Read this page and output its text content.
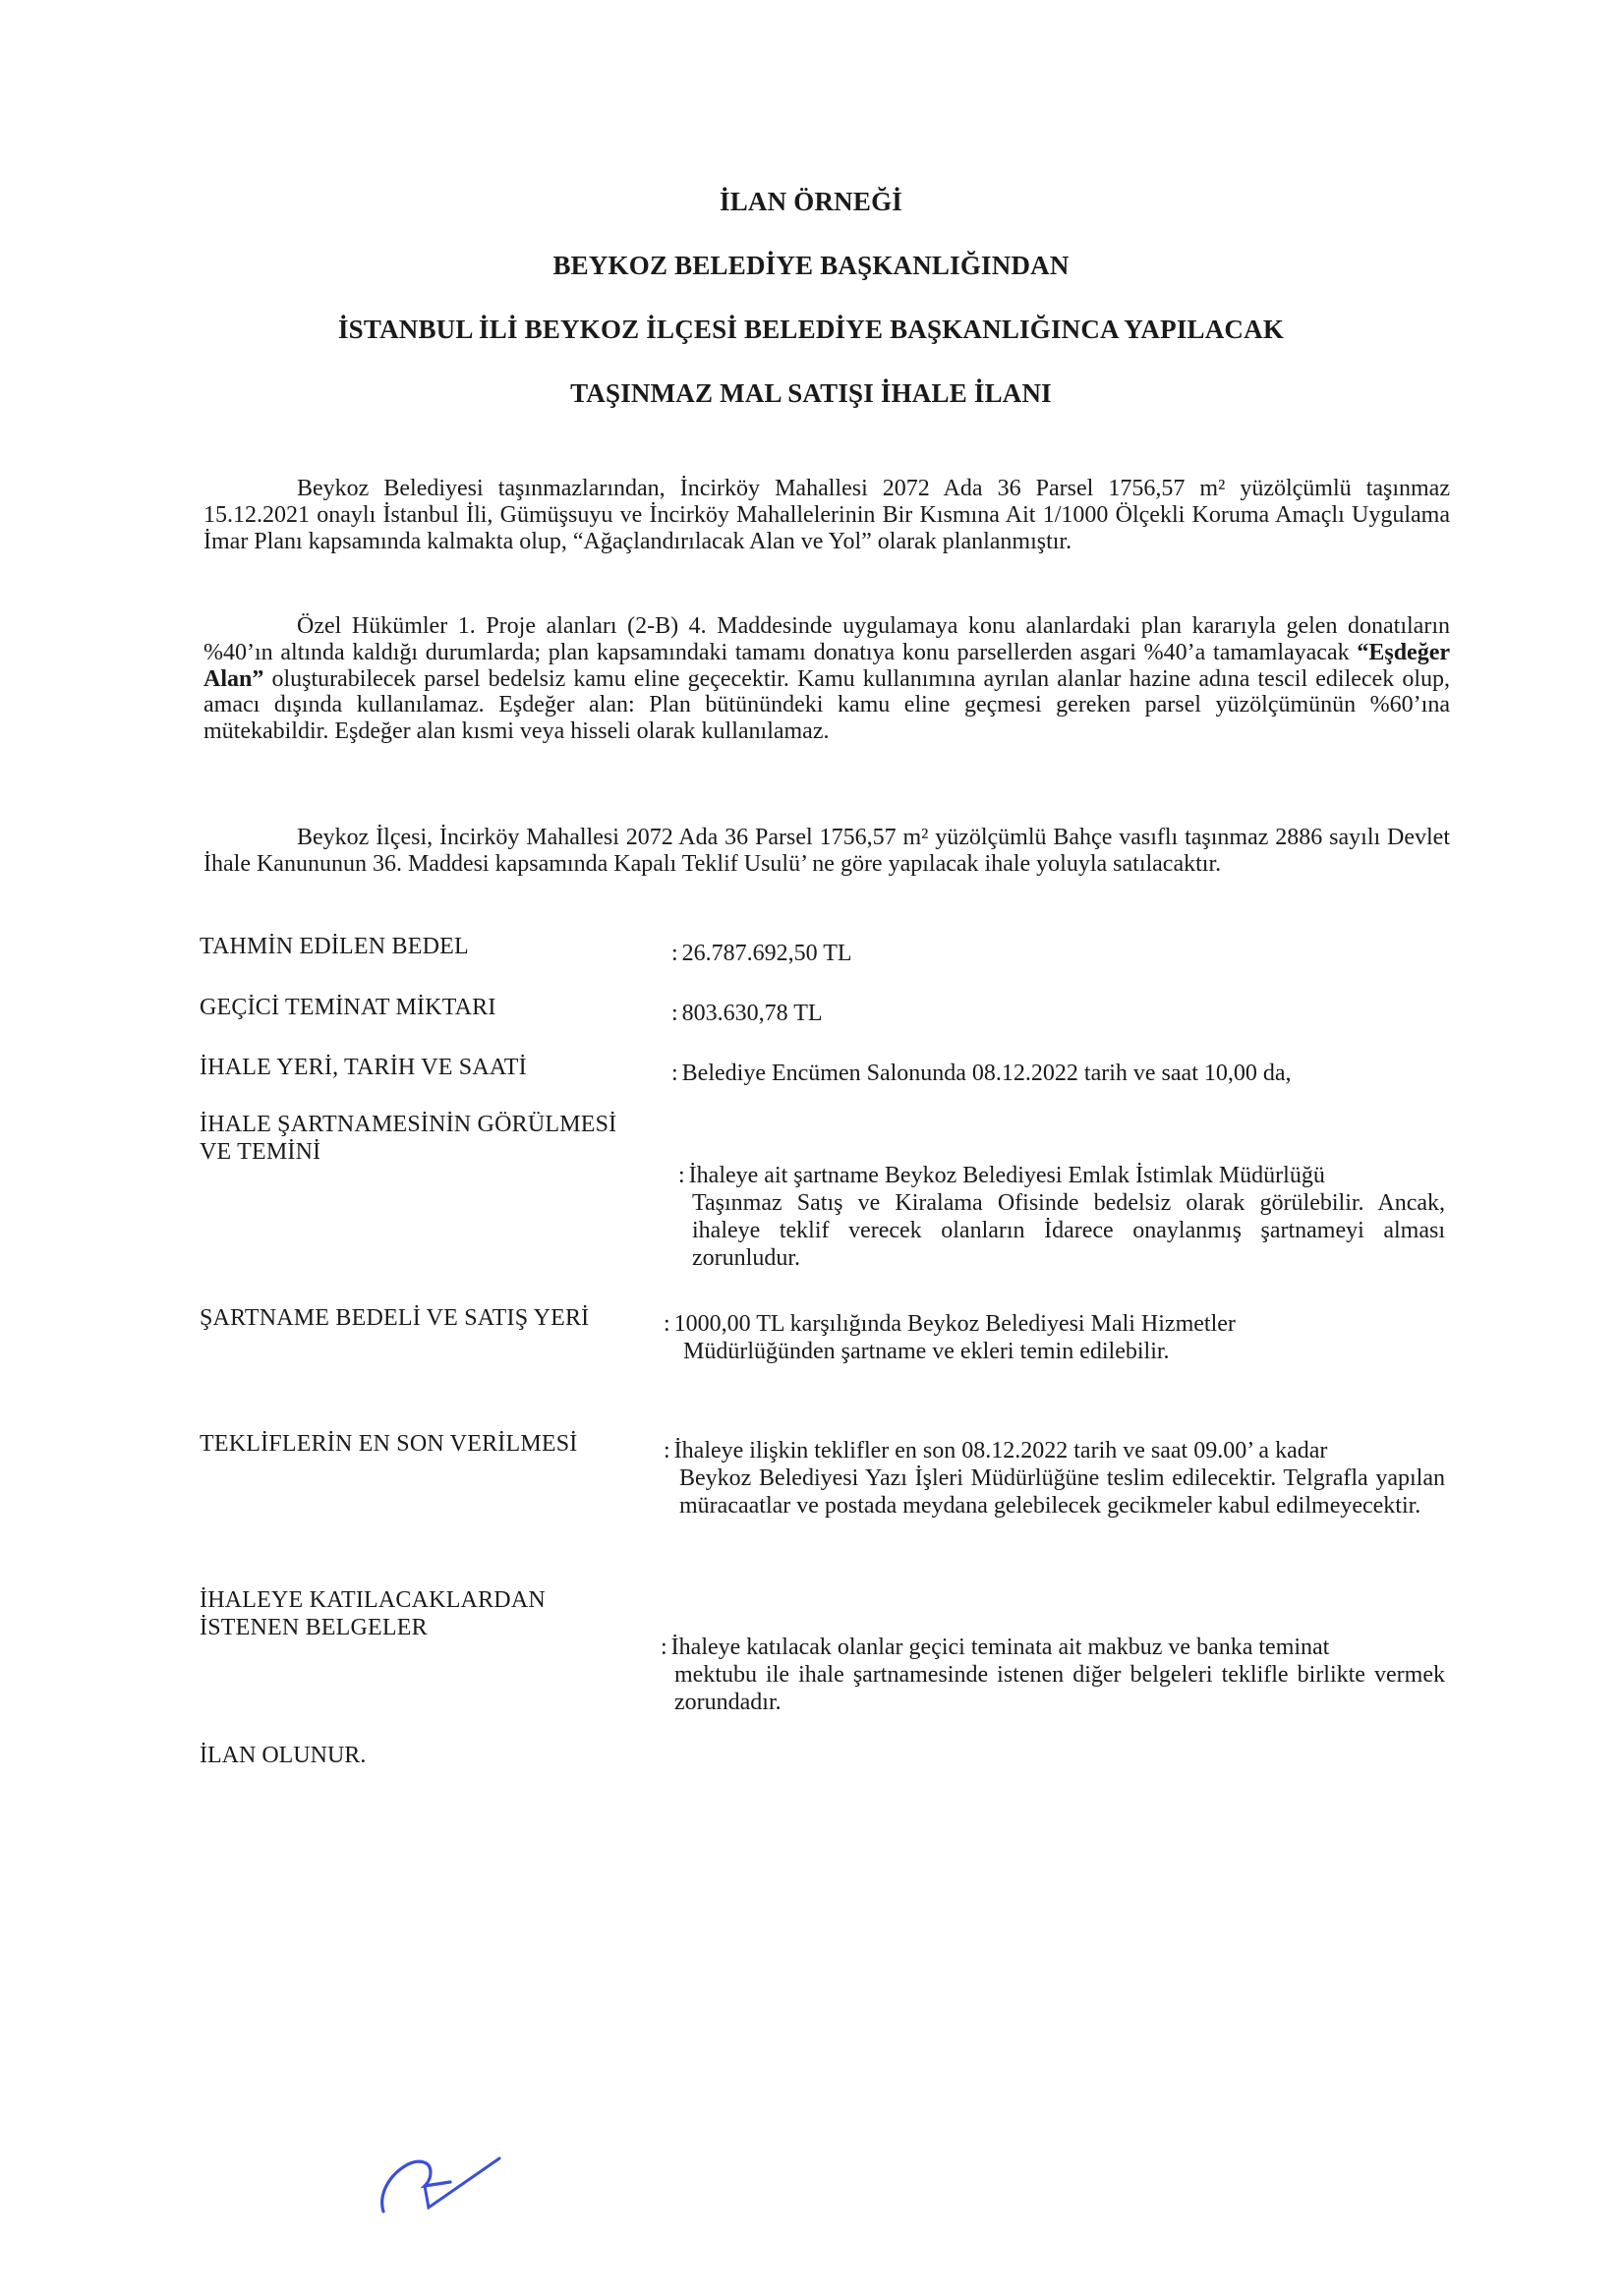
İLAN ÖRNEĞİ
BEYKOZ BELEDİYE BAŞKANLIĞINDAN
İSTANBUL İLİ BEYKOZ İLÇESİ BELEDİYE BAŞKANLIĞINCA YAPILACAK
TAŞINMAZ MAL SATIŞI İHALE İLANI
Beykoz Belediyesi taşınmazlarından, İncirköy Mahallesi 2072 Ada 36 Parsel 1756,57 m² yüzölçümlü taşınmaz 15.12.2021 onaylı İstanbul İli, Gümüşsuyu ve İncirköy Mahallelerinin Bir Kısmına Ait 1/1000 Ölçekli Koruma Amaçlı Uygulama İmar Planı kapsamında kalmakta olup, “Ağaçlandırılacak Alan ve Yol” olarak planlanmıştır.
Özel Hükümler 1. Proje alanları (2-B) 4. Maddesinde uygulamaya konu alanlardaki plan kararıyla gelen donatıların %40’ın altında kaldığı durumlarda; plan kapsamındaki tamamı donatıya konu parsellerden asgari %40’a tamamlayacak “Eşdeğer Alan” oluşturabilecek parsel bedelsiz kamu eline geçecektir. Kamu kullanımına ayrılan alanlar hazine adına tescil edilecek olup, amacı dışında kullanılamaz. Eşdeğer alan: Plan bütünündeki kamu eline geçmesi gereken parsel yüzölçümünün %60’ına mütekabildir. Eşdeğer alan kısmi veya hisseli olarak kullanılamaz.
Beykoz İlçesi, İncirköy Mahallesi 2072 Ada 36 Parsel 1756,57 m² yüzölçümlü Bahçe vasıflı taşınmaz 2886 sayılı Devlet İhale Kanununun 36. Maddesi kapsamında Kapalı Teklif Usulü’ ne göre yapılacak ihale yoluyla satılacaktır.
TAHMİN EDİLEN BEDEL	: 26.787.692,50 TL
GEÇİCİ TEMİNAT MİKTARI	: 803.630,78 TL
İHALE YERİ, TARİH VE SAATİ	: Belediye Encümen Salonunda 08.12.2022 tarih ve saat 10,00 da,
İHALE ŞARTNAMESİNİN GÖRÜLMESİ
VE TEMİNİ
: İhaleye ait şartname Beykoz Belediyesi Emlak İstimlak Müdürlüğü
Taşınmaz Satış ve Kiralama Ofisinde bedelsiz olarak görülebilir. Ancak, ihaleye teklif verecek olanların İdarece onaylanmış şartnameyi alması zorunludur.
ŞARTNAME BEDELİ VE SATIŞ YERİ	: 1000,00 TL karşılığında Beykoz Belediyesi Mali Hizmetler
Müdürlüğünden şartname ve ekleri temin edilebilir.
TEKLİFLERİN EN SON VERİLMESİ	: İhaleye ilişkin teklifler en son 08.12.2022 tarih ve saat 09.00’ a kadar
Beykoz Belediyesi Yazı İşleri Müdürlüğüne teslim edilecektir. Telgrafla yapılan müracaatlar ve postada meydana gelebilecek gecikmeler kabul edilmeyecektir.
İHALEYE KATILACAKLARDAN
İSTENEN BELGELER
: İhaleye katılacak olanlar geçici teminata ait makbuz ve banka teminat
mektubu ile ihale şartnamesinde istenen diğer belgeleri teklifle birlikte vermek zorundadır.
İLAN OLUNUR.
